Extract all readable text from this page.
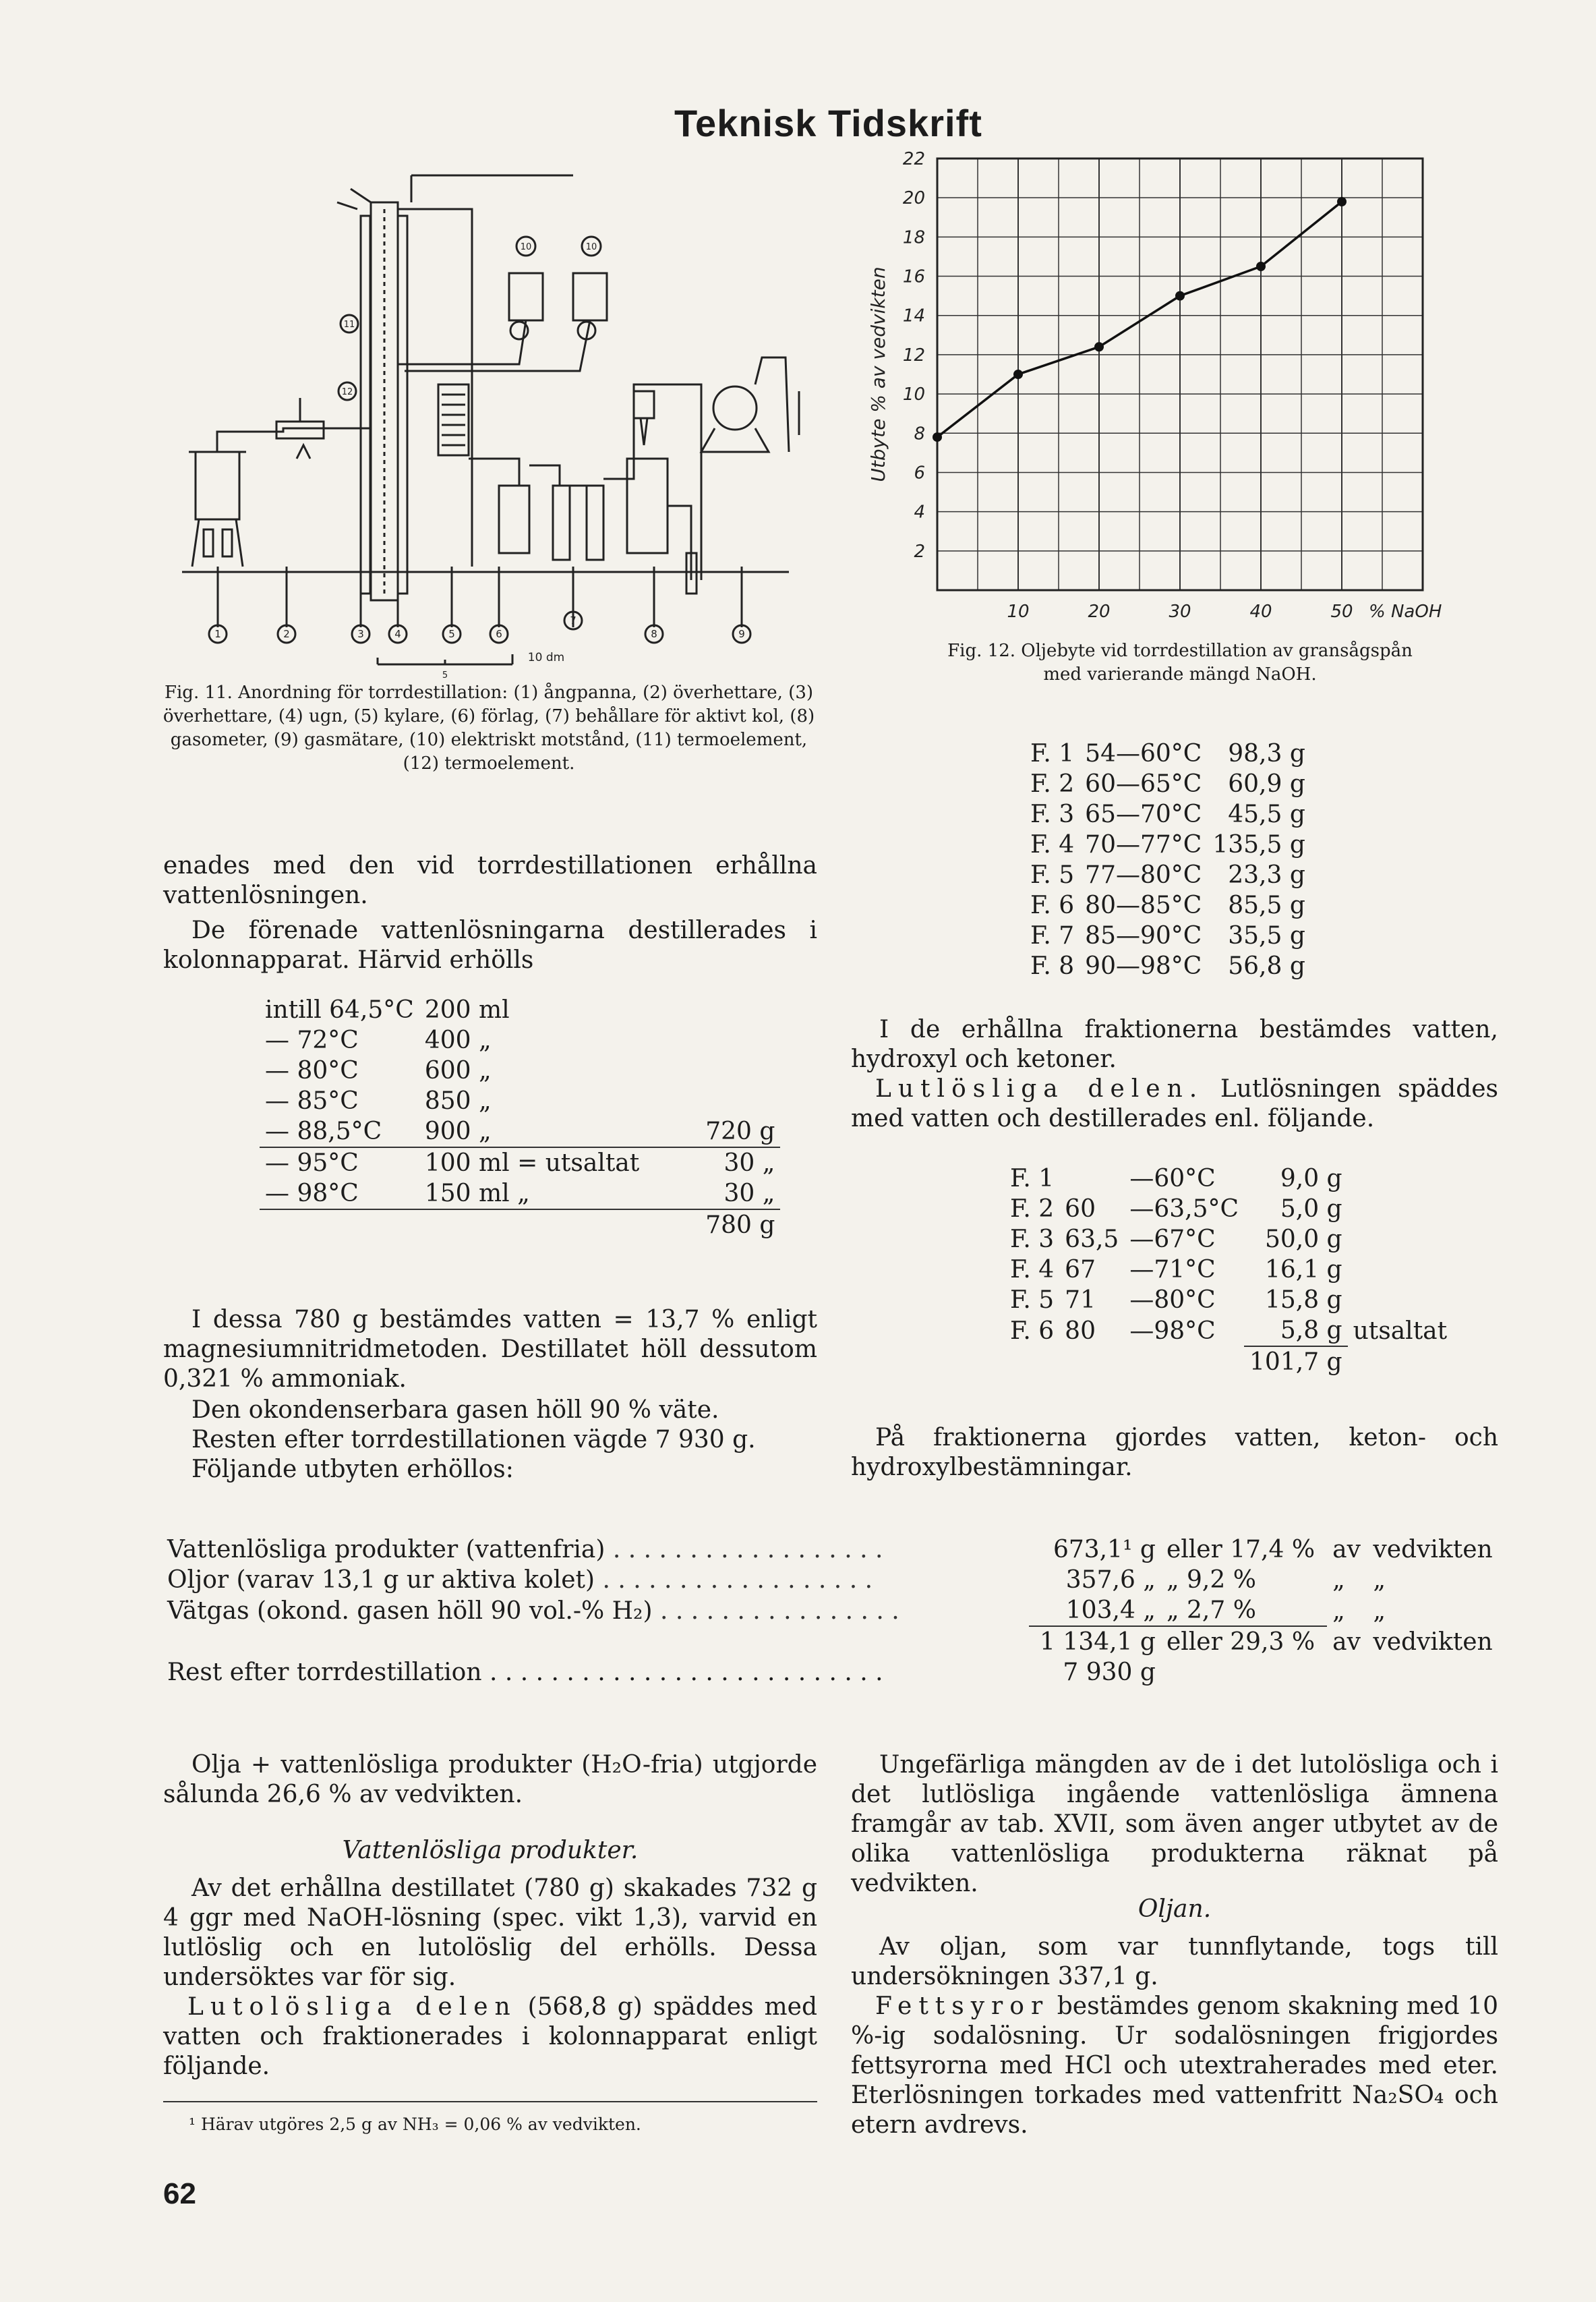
Teknisk Tidskrift
1	2	3	4	5	6
7
8	9
10	10
11
12
5
10 dm
Fig. 11. Anordning för torrdestillation: (1) ångpanna, (2) överhettare, (3) överhettare, (4) ugn, (5) kylare, (6) förlag, (7) behållare för aktivt kol, (8) gasometer, (9) gasmätare, (10) elektriskt motstånd, (11) termoelement, (12) termoelement.
2
4
6
8
10
12
14
16
18
20
22
10	20	30	40	50 % NaOH
Utbyte % av vedvikten
Fig. 12. Oljebyte vid torrdestillation av gransågspån med varierande mängd NaOH.
enades med den vid torrdestillationen erhållna vattenlösningen.
De förenade vattenlösningarna destillerades i kolonnapparat. Härvid erhölls
intill 64,5°C	200 ml	
— 72°C	400 „	
— 80°C	600 „	
— 85°C	850 „	
— 88,5°C	900 „	720 g
— 95°C	100 ml = utsaltat	30 „
— 98°C	150 ml „	30 „
		780 g
I dessa 780 g bestämdes vatten = 13,7 % enligt magnesiumnitridmetoden. Destillatet höll dessutom 0,321 % ammoniak.
Den okondenserbara gasen höll 90 % väte.
Resten efter torrdestillationen vägde 7 930 g.
Följande utbyten erhöllos:
F. 1	54—60°C	98,3 g
F. 2	60—65°C	60,9 g
F. 3	65—70°C	45,5 g
F. 4	70—77°C	135,5 g
F. 5	77—80°C	23,3 g
F. 6	80—85°C	85,5 g
F. 7	85—90°C	35,5 g
F. 8	90—98°C	56,8 g
I de erhållna fraktionerna bestämdes vatten, hydroxyl och ketoner.
Lutlösliga delen. Lutlösningen späddes med vatten och destillerades enl. följande.
F. 1		—60°C	9,0 g	
F. 2	60	—63,5°C	5,0 g	
F. 3	63,5	—67°C	50,0 g	
F. 4	67	—71°C	16,1 g	
F. 5	71	—80°C	15,8 g	
F. 6	80	—98°C	5,8 g	utsaltat
			101,7 g	
På fraktionerna gjordes vatten, keton- och hydroxylbestämningar.
Vattenlösliga produkter (vattenfria) . . . . . . . . . . . . . . . . . .	673,1¹ g	eller 17,4 %	av	vedvikten
Oljor (varav 13,1 g ur aktiva kolet) . . . . . . . . . . . . . . . . . .	357,6 „	„ 9,2 %	„	„
Vätgas (okond. gasen höll 90 vol.-% H₂) . . . . . . . . . . . . . . . .	103,4 „	„ 2,7 %	„	„
	1 134,1 g	eller 29,3 %	av	vedvikten
Rest efter torrdestillation . . . . . . . . . . . . . . . . . . . . . . . . . .	7 930 g			
Olja + vattenlösliga produkter (H₂O-fria) utgjorde sålunda 26,6 % av vedvikten.
Vattenlösliga produkter.
Av det erhållna destillatet (780 g) skakades 732 g 4 ggr med NaOH-lösning (spec. vikt 1,3), varvid en lutlöslig och en lutolöslig del erhölls. Dessa undersöktes var för sig.
Lutolösliga delen (568,8 g) späddes med vatten och fraktionerades i kolonnapparat enligt följande.
¹ Härav utgöres 2,5 g av NH₃ = 0,06 % av vedvikten.
Ungefärliga mängden av de i det lutolösliga och i det lutlösliga ingående vattenlösliga ämnena framgår av tab. XVII, som även anger utbytet av de olika vattenlösliga produkterna räknat på vedvikten.
Oljan.
Av oljan, som var tunnflytande, togs till undersökningen 337,1 g.
Fettsyror bestämdes genom skakning med 10 %-ig sodalösning. Ur sodalösningen frigjordes fettsyrorna med HCl och utextraherades med eter. Eterlösningen torkades med vattenfritt Na₂SO₄ och etern avdrevs.
62
